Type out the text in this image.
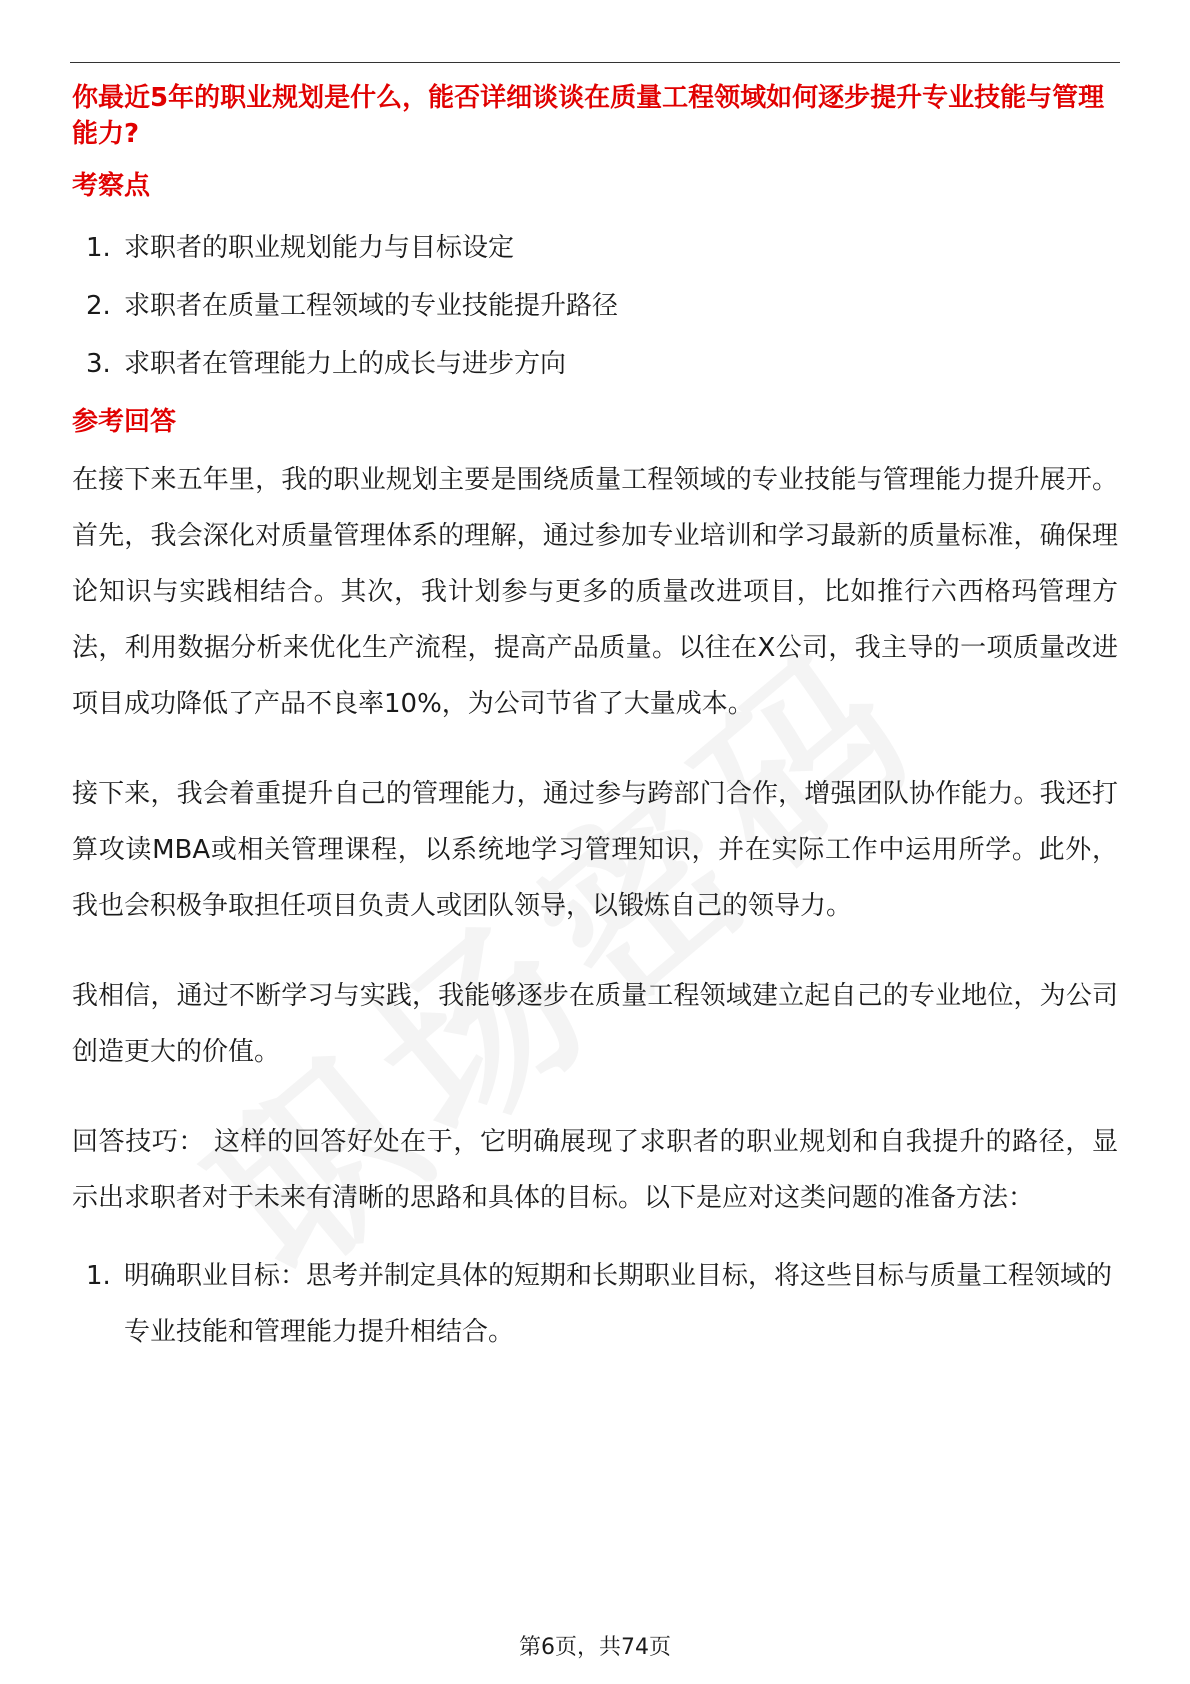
你最近5年的职业规划是什么，能否详细谈谈在质量工程领域如何逐步提升专业技能与管理能力?

考察点

1. 求职者的职业规划能力与目标设定
2. 求职者在质量工程领域的专业技能提升路径
3. 求职者在管理能力上的成长与进步方向

参考回答

在接下来五年里，我的职业规划主要是围绕质量工程领域的专业技能与管理能力提升展开。首先，我会深化对质量管理体系的理解，通过参加专业培训和学习最新的质量标准，确保理论知识与实践相结合。其次，我计划参与更多的质量改进项目，比如推行六西格玛管理方法，利用数据分析来优化生产流程，提高产品质量。以往在X公司，我主导的一项质量改进项目成功降低了产品不良率10%，为公司节省了大量成本。

接下来，我会着重提升自己的管理能力，通过参与跨部门合作，增强团队协作能力。我还打算攻读MBA或相关管理课程，以系统地学习管理知识，并在实际工作中运用所学。此外，我也会积极争取担任项目负责人或团队领导，以锻炼自己的领导力。

我相信，通过不断学习与实践，我能够逐步在质量工程领域建立起自己的专业地位，为公司创造更大的价值。

回答技巧： 这样的回答好处在于，它明确展现了求职者的职业规划和自我提升的路径，显示出求职者对于未来有清晰的思路和具体的目标。以下是应对这类问题的准备方法：

1. 明确职业目标：思考并制定具体的短期和长期职业目标，将这些目标与质量工程领域的专业技能和管理能力提升相结合。
第6页，共74页
